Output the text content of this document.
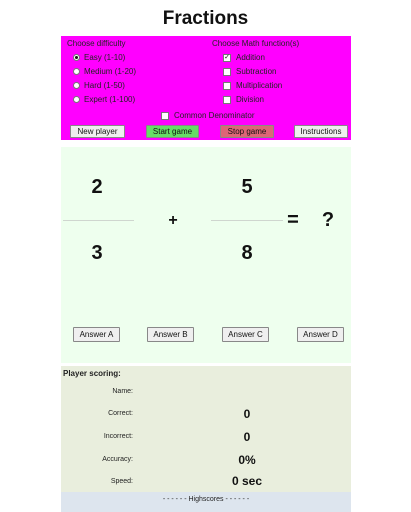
Fractions
Choose difficulty
Easy (1-10)
Medium (1-20)
Hard (1-50)
Expert (1-100)
Choose Math function(s)
✓ Addition
Subtraction
Multiplication
Division
Common Denominator
New player	Start game	Stop game	Instructions
2
3
+
5
8
=	?
Answer A	Answer B	Answer C	Answer D
Player scoring:
Name:
Correct:	0
Incorrect:	0
Accuracy:	0%
Speed:	0 sec
- - - - - - Highscores - - - - - -
